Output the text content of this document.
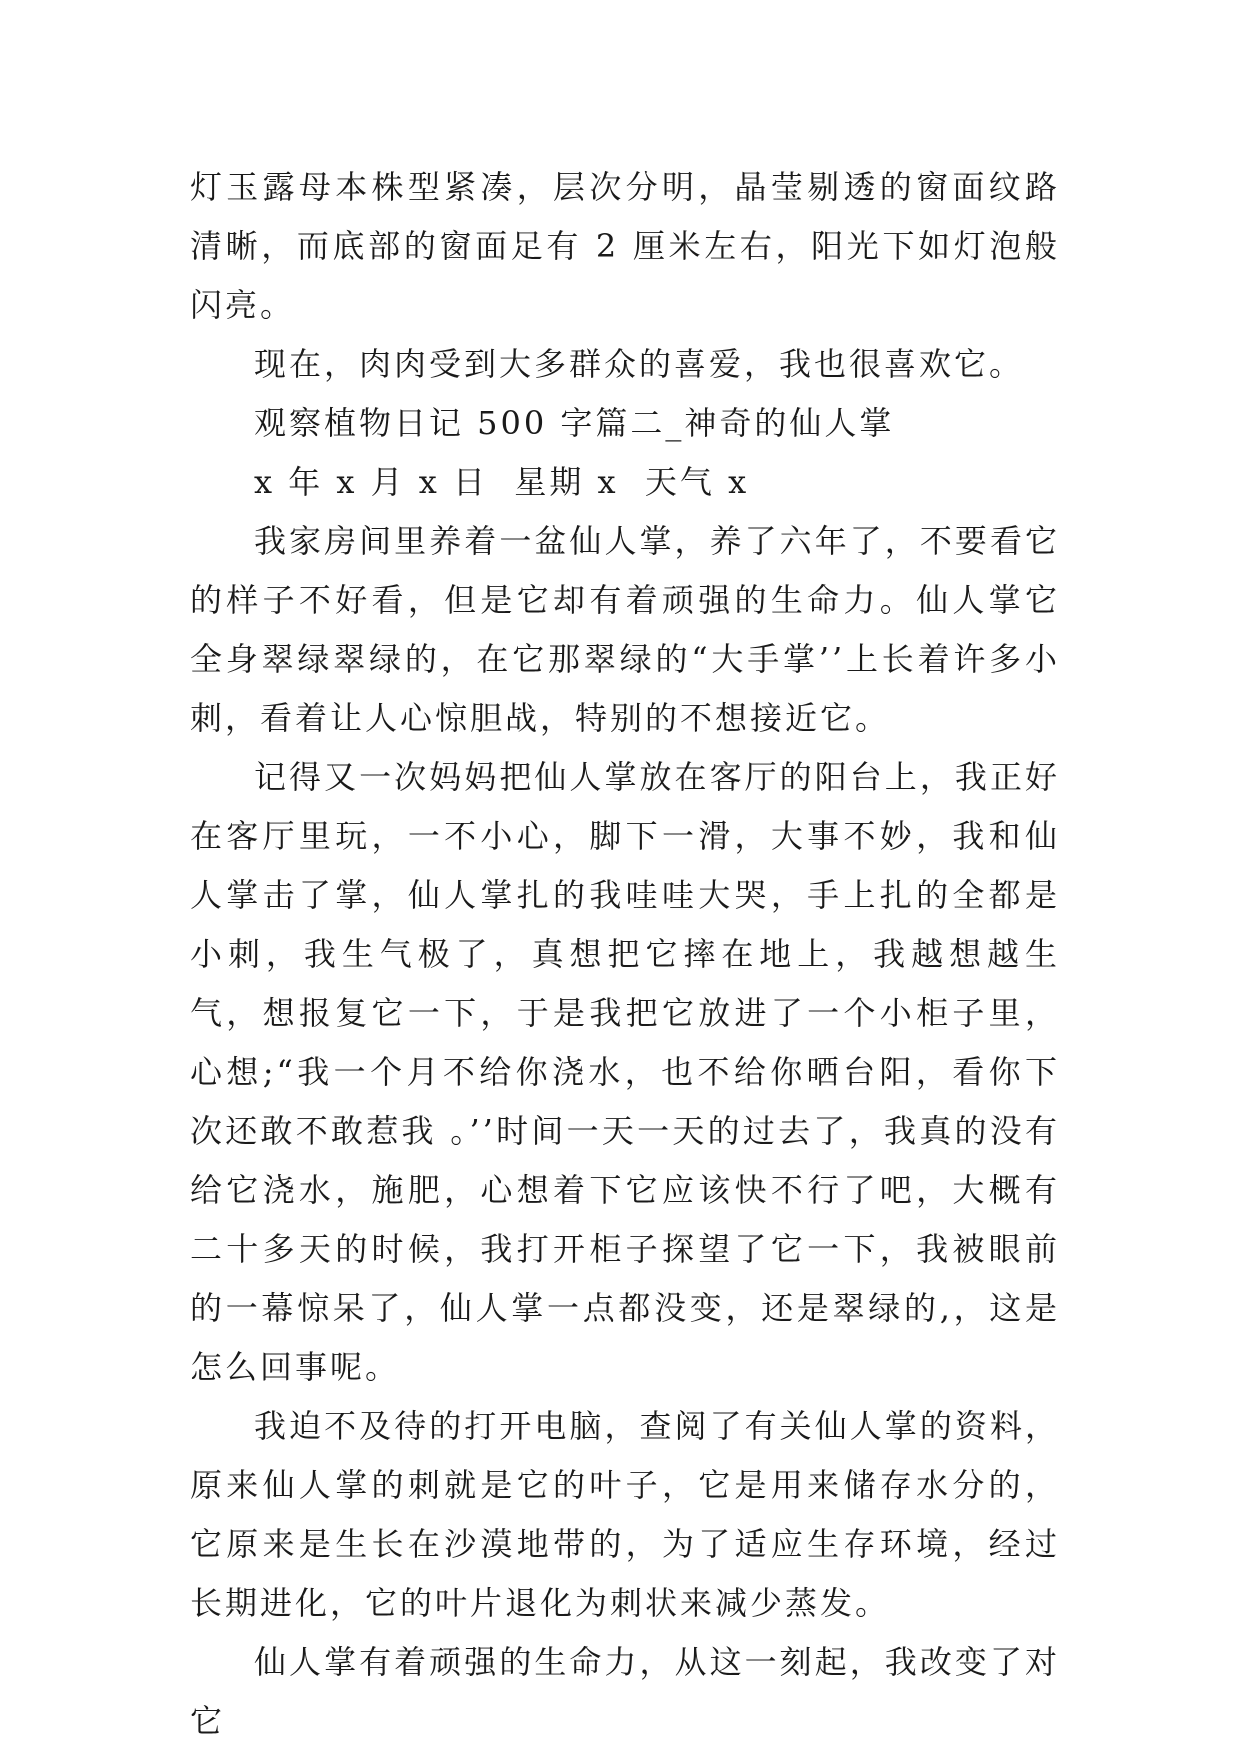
灯玉露母本株型紧凑，层次分明，晶莹剔透的窗面纹路清晰，而底部的窗面足有 2 厘米左右，阳光下如灯泡般闪亮。

现在，肉肉受到大多群众的喜爱，我也很喜欢它。

观察植物日记 500 字篇二_神奇的仙人掌

x 年 x 月 x 日  星期 x  天气 x

我家房间里养着一盆仙人掌，养了六年了，不要看它的样子不好看，但是它却有着顽强的生命力。仙人掌它全身翠绿翠绿的，在它那翠绿的“大手掌’’上长着许多小刺，看着让人心惊胆战，特别的不想接近它。

记得又一次妈妈把仙人掌放在客厅的阳台上，我正好在客厅里玩，一不小心，脚下一滑，大事不妙，我和仙人掌击了掌，仙人掌扎的我哇哇大哭，手上扎的全都是小刺，我生气极了，真想把它摔在地上，我越想越生气，想报复它一下，于是我把它放进了一个小柜子里，心想;“我一个月不给你浇水，也不给你晒台阳，看你下次还敢不敢惹我 。’’时间一天一天的过去了，我真的没有给它浇水，施肥，心想着下它应该快不行了吧，大概有二十多天的时候，我打开柜子探望了它一下，我被眼前的一幕惊呆了，仙人掌一点都没变，还是翠绿的,，这是怎么回事呢。

我迫不及待的打开电脑，查阅了有关仙人掌的资料，原来仙人掌的刺就是它的叶子，它是用来储存水分的，它原来是生长在沙漠地带的，为了适应生存环境，经过长期进化，它的叶片退化为刺状来减少蒸发。

仙人掌有着顽强的生命力，从这一刻起，我改变了对它
